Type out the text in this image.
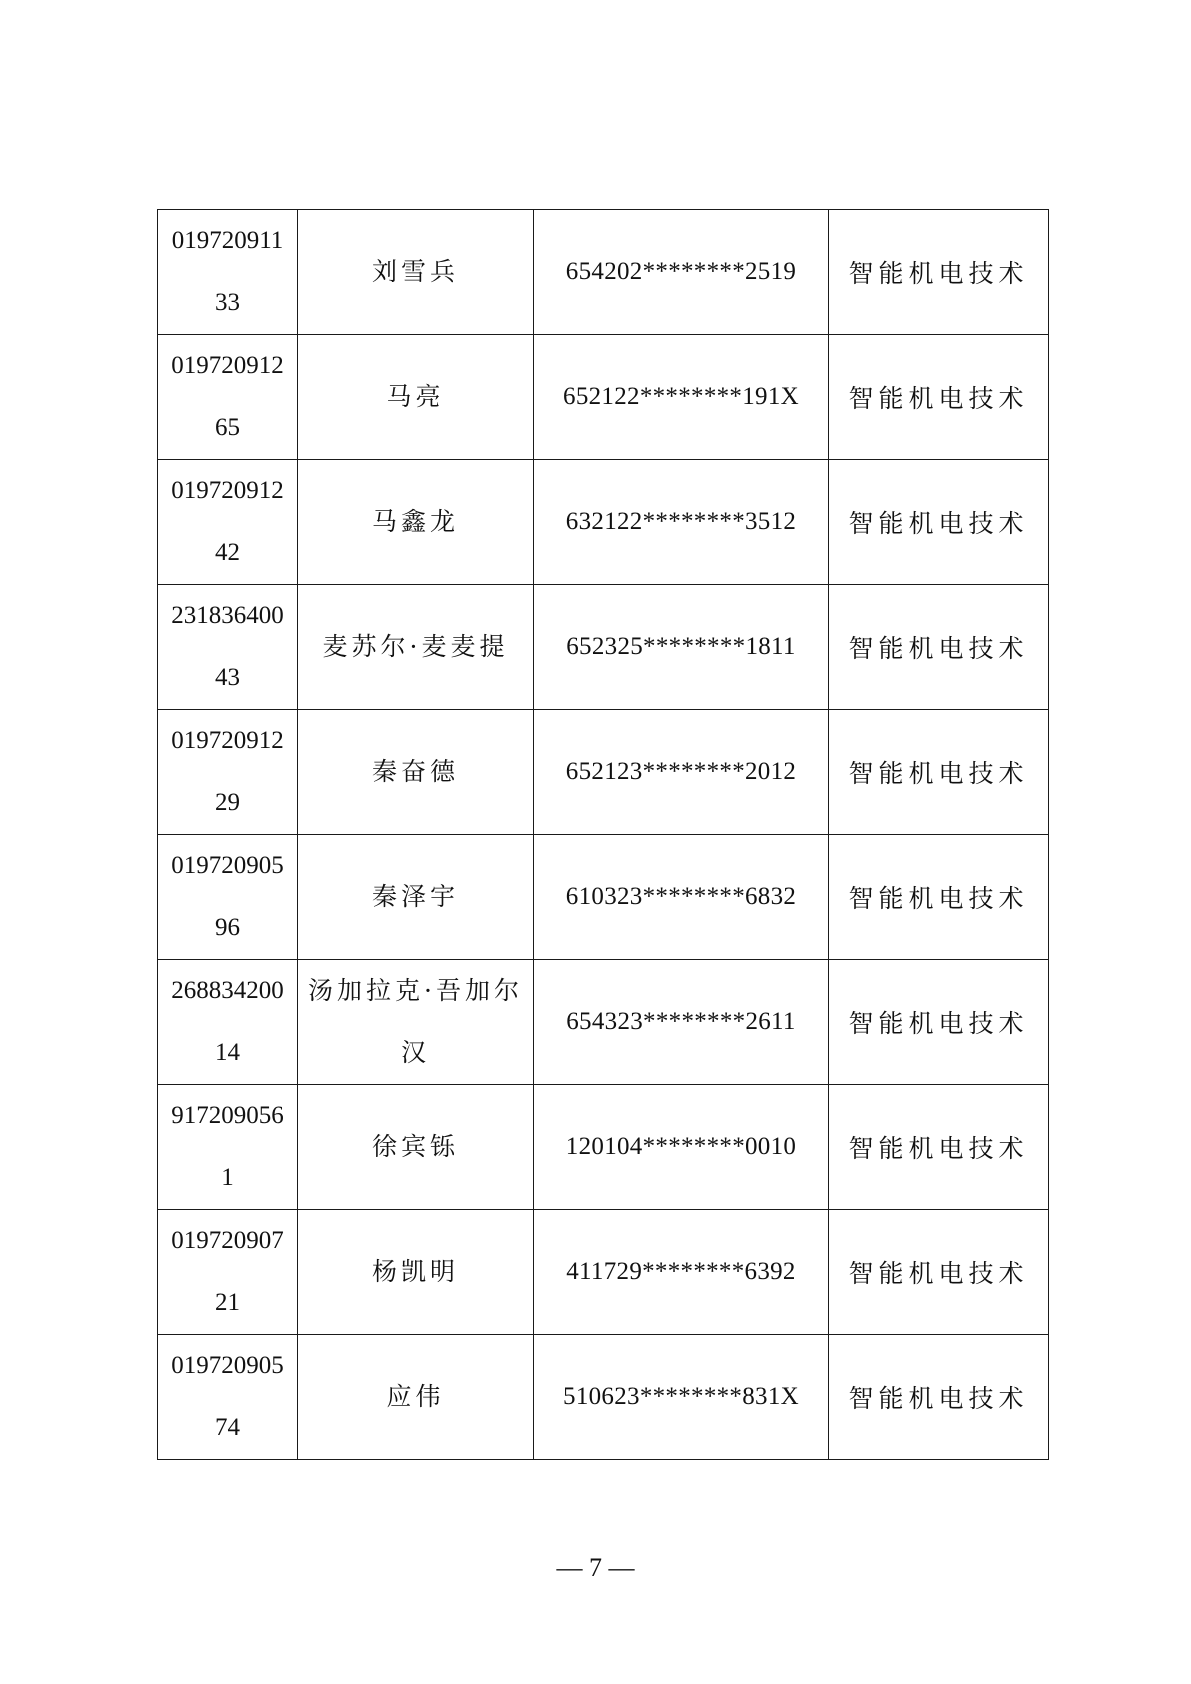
01972091133	刘雪兵	654202********2519	智能机电技术
01972091265	马亮	652122********191X	智能机电技术
01972091242	马鑫龙	632122********3512	智能机电技术
23183640043	麦苏尔·麦麦提	652325********1811	智能机电技术
01972091229	秦奋德	652123********2012	智能机电技术
01972090596	秦泽宇	610323********6832	智能机电技术
26883420014	汤加拉克·吾加尔汉	654323********2611	智能机电技术
9172090561	徐宾铄	120104********0010	智能机电技术
01972090721	杨凯明	411729********6392	智能机电技术
01972090574	应伟	510623********831X	智能机电技术
— 7 —
